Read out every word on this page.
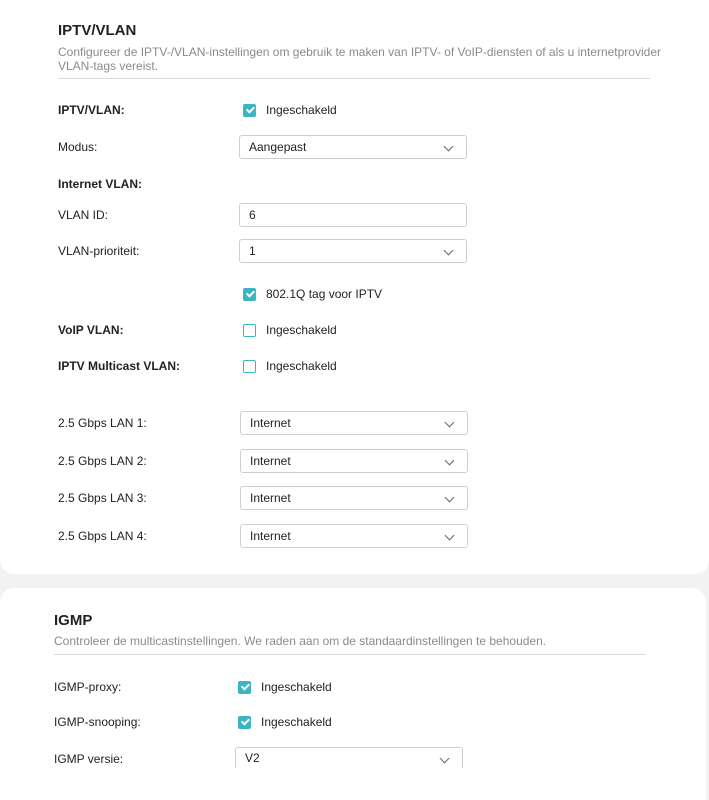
IPTV/VLAN
Configureer de IPTV-/VLAN-instellingen om gebruik te maken van IPTV- of VoIP-diensten of als u internetprovider
VLAN-tags vereist.
IPTV/VLAN:	Ingeschakeld
Modus:	Aangepast
Internet VLAN:
VLAN ID:	6
VLAN-prioriteit:	1
802.1Q tag voor IPTV
VoIP VLAN:	Ingeschakeld
IPTV Multicast VLAN:	Ingeschakeld
2.5 Gbps LAN 1:	Internet
2.5 Gbps LAN 2:	Internet
2.5 Gbps LAN 3:	Internet
2.5 Gbps LAN 4:	Internet
IGMP
Controleer de multicastinstellingen. We raden aan om de standaardinstellingen te behouden.
IGMP-proxy:	Ingeschakeld
IGMP-snooping:	Ingeschakeld
IGMP versie:	V2
